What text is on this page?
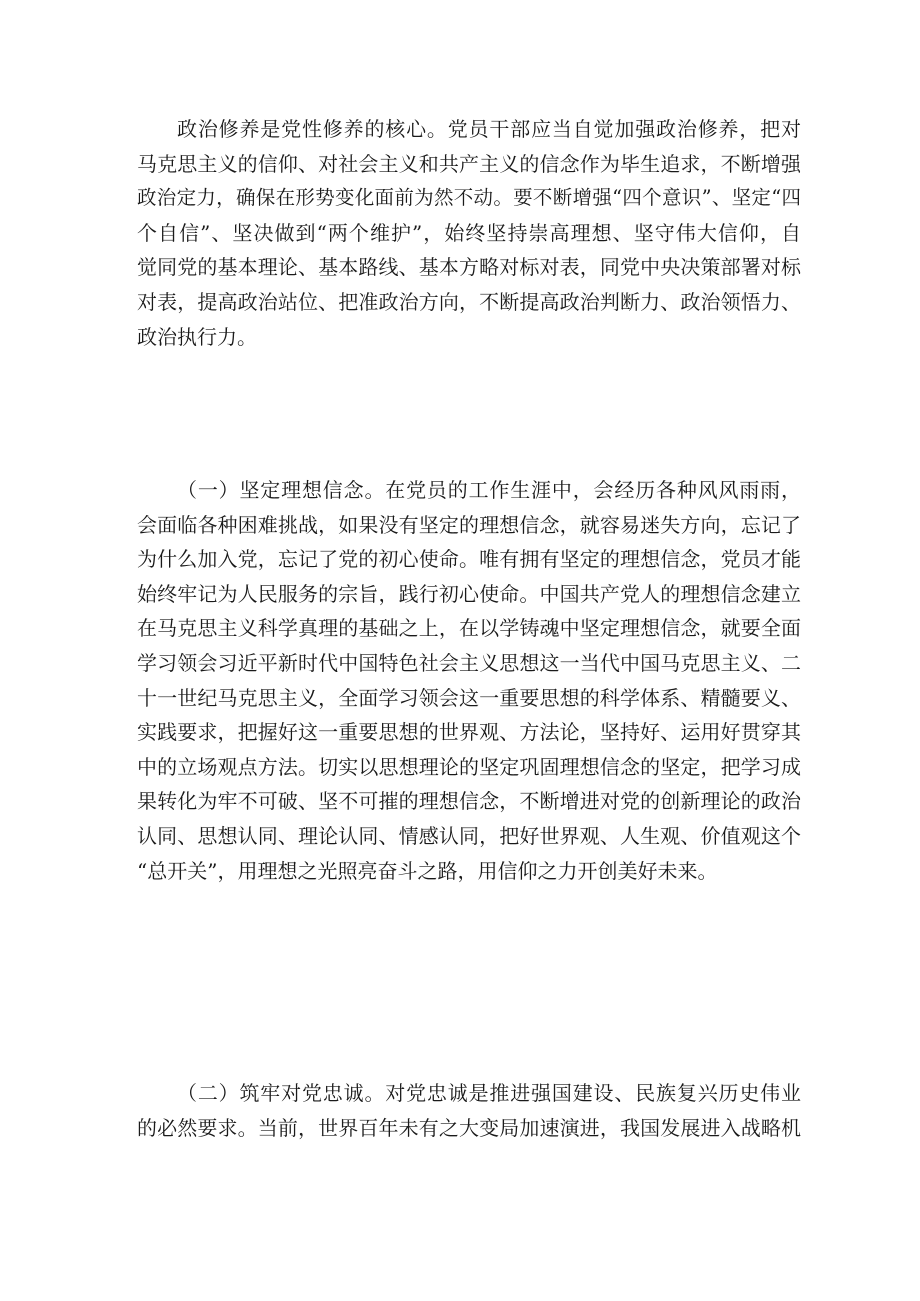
政治修养是党性修养的核心。党员干部应当自觉加强政治修养，把对
马克思主义的信仰、对社会主义和共产主义的信念作为毕生追求，不断增强
政治定力，确保在形势变化面前为然不动。要不断增强“四个意识”、坚定“四
个自信”、坚决做到“两个维护”，始终坚持崇高理想、坚守伟大信仰，自
觉同党的基本理论、基本路线、基本方略对标对表，同党中央决策部署对标
对表，提高政治站位、把准政治方向，不断提高政治判断力、政治领悟力、
政治执行力。
（一）坚定理想信念。在党员的工作生涯中，会经历各种风风雨雨，
会面临各种困难挑战，如果没有坚定的理想信念，就容易迷失方向，忘记了
为什么加入党，忘记了党的初心使命。唯有拥有坚定的理想信念，党员才能
始终牢记为人民服务的宗旨，践行初心使命。中国共产党人的理想信念建立
在马克思主义科学真理的基础之上，在以学铸魂中坚定理想信念，就要全面
学习领会习近平新时代中国特色社会主义思想这一当代中国马克思主义、二
十一世纪马克思主义，全面学习领会这一重要思想的科学体系、精髓要义、
实践要求，把握好这一重要思想的世界观、方法论，坚持好、运用好贯穿其
中的立场观点方法。切实以思想理论的坚定巩固理想信念的坚定，把学习成
果转化为牢不可破、坚不可摧的理想信念，不断增进对党的创新理论的政治
认同、思想认同、理论认同、情感认同，把好世界观、人生观、价值观这个
“总开关”，用理想之光照亮奋斗之路，用信仰之力开创美好未来。
（二）筑牢对党忠诚。对党忠诚是推进强国建设、民族复兴历史伟业
的必然要求。当前，世界百年未有之大变局加速演进，我国发展进入战略机
